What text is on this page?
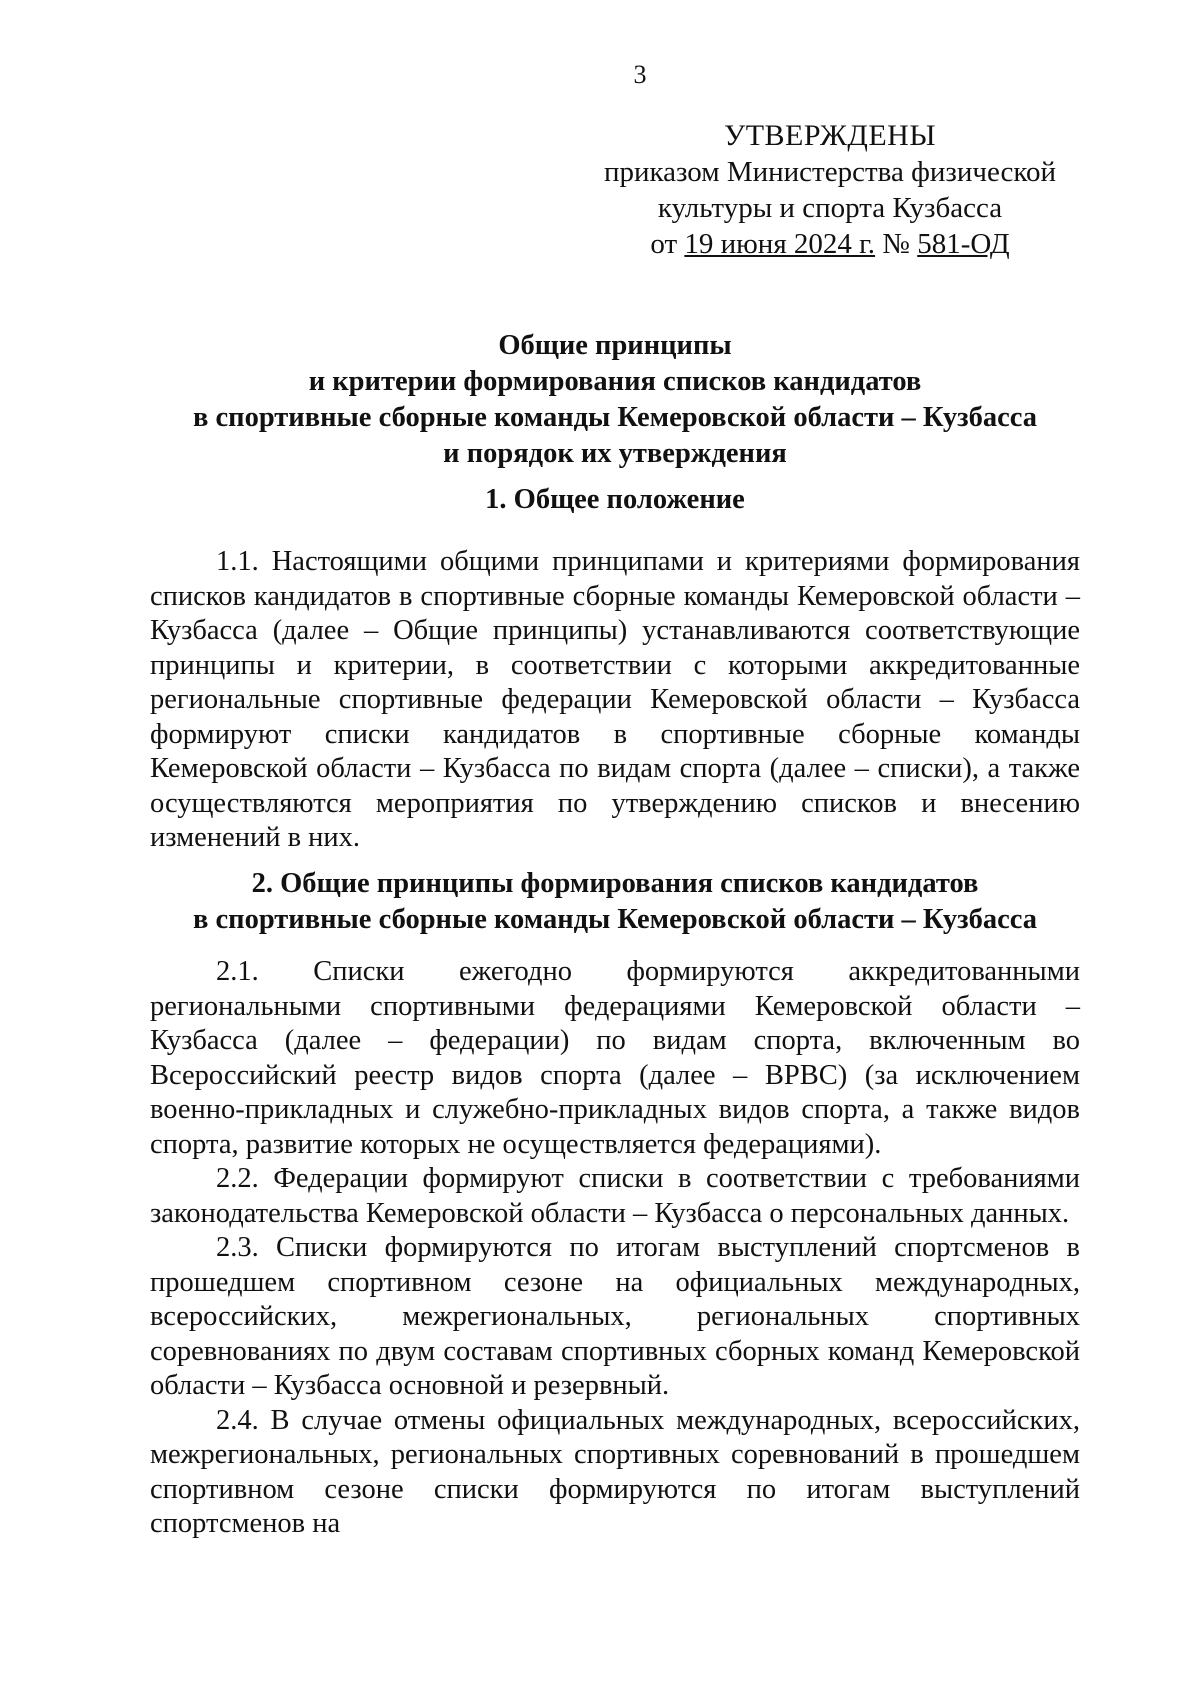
3
УТВЕРЖДЕНЫ
приказом Министерства физической
культуры и спорта Кузбасса
от 19 июня 2024 г. № 581-ОД
Общие принципы
и критерии формирования списков кандидатов
в спортивные сборные команды Кемеровской области – Кузбасса
и порядок их утверждения
1. Общее положение

1.1. Настоящими общими принципами и критериями формирования списков кандидатов в спортивные сборные команды Кемеровской области – Кузбасса (далее – Общие принципы) устанавливаются соответствующие принципы и критерии, в соответствии с которыми аккредитованные региональные спортивные федерации Кемеровской области – Кузбасса формируют списки кандидатов в спортивные сборные команды Кемеровской области – Кузбасса по видам спорта (далее – списки), а также осуществляются мероприятия по утверждению списков и внесению изменений в них.

2. Общие принципы формирования списков кандидатов
в спортивные сборные команды Кемеровской области – Кузбасса

2.1. Списки ежегодно формируются аккредитованными региональными спортивными федерациями Кемеровской области – Кузбасса (далее – федерации) по видам спорта, включенным во Всероссийский реестр видов спорта (далее – ВРВС) (за исключением военно-прикладных и служебно-прикладных видов спорта, а также видов спорта, развитие которых не осуществляется федерациями).

2.2. Федерации формируют списки в соответствии с требованиями законодательства Кемеровской области – Кузбасса о персональных данных.

2.3. Списки формируются по итогам выступлений спортсменов в прошедшем спортивном сезоне на официальных международных, всероссийских, межрегиональных, региональных спортивных соревнованиях по двум составам спортивных сборных команд Кемеровской области – Кузбасса основной и резервный.

2.4. В случае отмены официальных международных, всероссийских, межрегиональных, региональных спортивных соревнований в прошедшем спортивном сезоне списки формируются по итогам выступлений спортсменов на
